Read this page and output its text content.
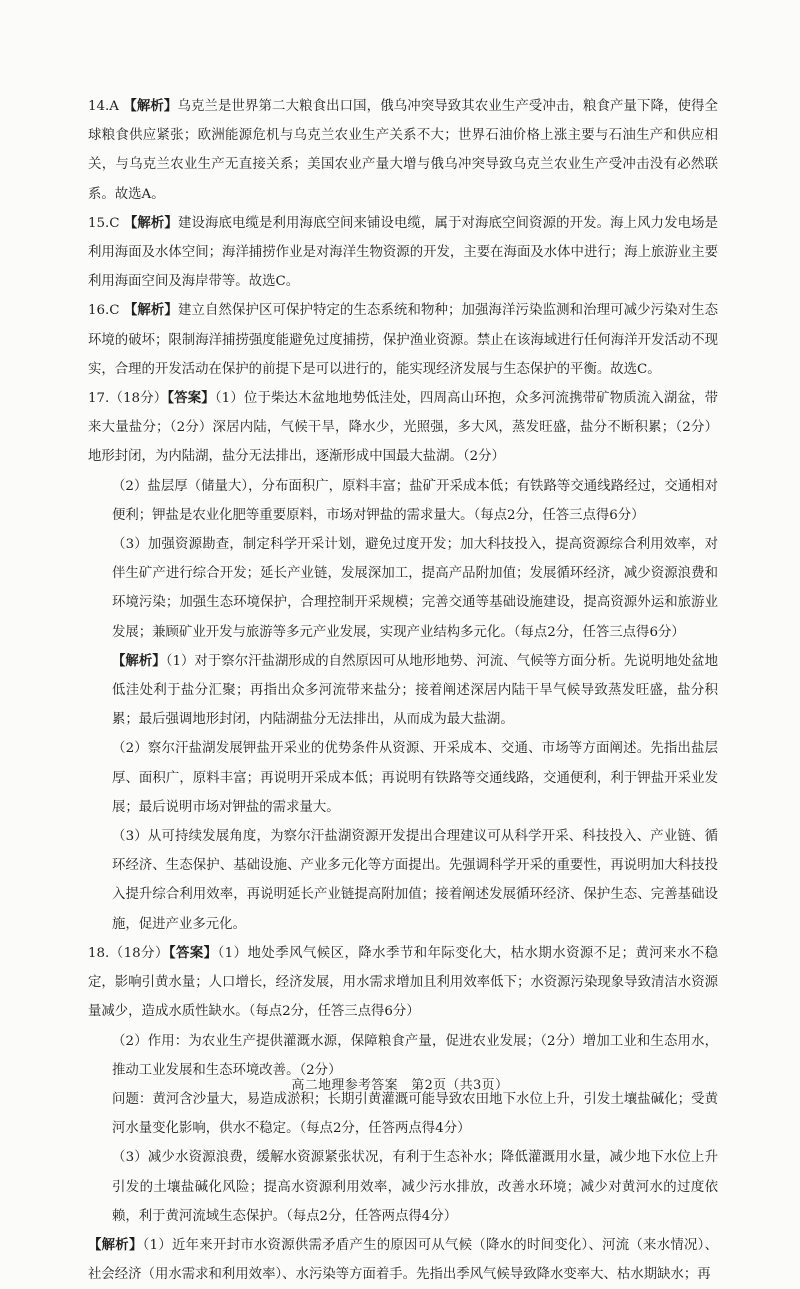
14.A 【解析】乌克兰是世界第二大粮食出口国，俄乌冲突导致其农业生产受冲击，粮食产量下降，使得全球粮食供应紧张；欧洲能源危机与乌克兰农业生产关系不大；世界石油价格上涨主要与石油生产和供应相关，与乌克兰农业生产无直接关系；美国农业产量大增与俄乌冲突导致乌克兰农业生产受冲击没有必然联系。故选A。

15.C 【解析】建设海底电缆是利用海底空间来铺设电缆，属于对海底空间资源的开发。海上风力发电场是利用海面及水体空间；海洋捕捞作业是对海洋生物资源的开发，主要在海面及水体中进行；海上旅游业主要利用海面空间及海岸带等。故选C。

16.C 【解析】建立自然保护区可保护特定的生态系统和物种；加强海洋污染监测和治理可减少污染对生态环境的破坏；限制海洋捕捞强度能避免过度捕捞，保护渔业资源。禁止在该海域进行任何海洋开发活动不现实，合理的开发活动在保护的前提下是可以进行的，能实现经济发展与生态保护的平衡。故选C。

17.（18分）【答案】（1）位于柴达木盆地地势低洼处，四周高山环抱，众多河流携带矿物质流入湖盆，带来大量盐分；（2分）深居内陆，气候干旱，降水少，光照强，多大风，蒸发旺盛，盐分不断积累；（2分）地形封闭，为内陆湖，盐分无法排出，逐渐形成中国最大盐湖。（2分）

（2）盐层厚（储量大），分布面积广，原料丰富；盐矿开采成本低；有铁路等交通线路经过，交通相对便利；钾盐是农业化肥等重要原料，市场对钾盐的需求量大。（每点2分，任答三点得6分）

（3）加强资源勘查，制定科学开采计划，避免过度开发；加大科技投入，提高资源综合利用效率，对伴生矿产进行综合开发；延长产业链，发展深加工，提高产品附加值；发展循环经济，减少资源浪费和环境污染；加强生态环境保护，合理控制开采规模；完善交通等基础设施建设，提高资源外运和旅游业发展；兼顾矿业开发与旅游等多元产业发展，实现产业结构多元化。（每点2分，任答三点得6分）

【解析】（1）对于察尔汗盐湖形成的自然原因可从地形地势、河流、气候等方面分析。先说明地处盆地低洼处利于盐分汇聚；再指出众多河流带来盐分；接着阐述深居内陆干旱气候导致蒸发旺盛，盐分积累；最后强调地形封闭，内陆湖盐分无法排出，从而成为最大盐湖。

（2）察尔汗盐湖发展钾盐开采业的优势条件从资源、开采成本、交通、市场等方面阐述。先指出盐层厚、面积广，原料丰富；再说明开采成本低；再说明有铁路等交通线路，交通便利，利于钾盐开采业发展；最后说明市场对钾盐的需求量大。

（3）从可持续发展角度，为察尔汗盐湖资源开发提出合理建议可从科学开采、科技投入、产业链、循环经济、生态保护、基础设施、产业多元化等方面提出。先强调科学开采的重要性，再说明加大科技投入提升综合利用效率，再说明延长产业链提高附加值；接着阐述发展循环经济、保护生态、完善基础设施，促进产业多元化。

18.（18分）【答案】（1）地处季风气候区，降水季节和年际变化大，枯水期水资源不足；黄河来水不稳定，影响引黄水量；人口增长，经济发展，用水需求增加且利用效率低下；水资源污染现象导致清洁水资源量减少，造成水质性缺水。（每点2分，任答三点得6分）

（2）作用：为农业生产提供灌溉水源，保障粮食产量，促进农业发展；（2分）增加工业和生态用水，推动工业发展和生态环境改善。（2分）

问题：黄河含沙量大，易造成淤积；长期引黄灌溉可能导致农田地下水位上升，引发土壤盐碱化；受黄河水量变化影响，供水不稳定。（每点2分，任答两点得4分）

（3）减少水资源浪费，缓解水资源紧张状况，有利于生态补水；降低灌溉用水量，减少地下水位上升引发的土壤盐碱化风险；提高水资源利用效率，减少污水排放，改善水环境；减少对黄河水的过度依赖，利于黄河流域生态保护。（每点2分，任答两点得4分）

【解析】（1）近年来开封市水资源供需矛盾产生的原因可从气候（降水的时间变化）、河流（来水情况）、社会经济（用水需求和利用效率）、水污染等方面着手。先指出季风气候导致降水变率大、枯水期缺水；再

高二地理参考答案　第2页（共3页）
